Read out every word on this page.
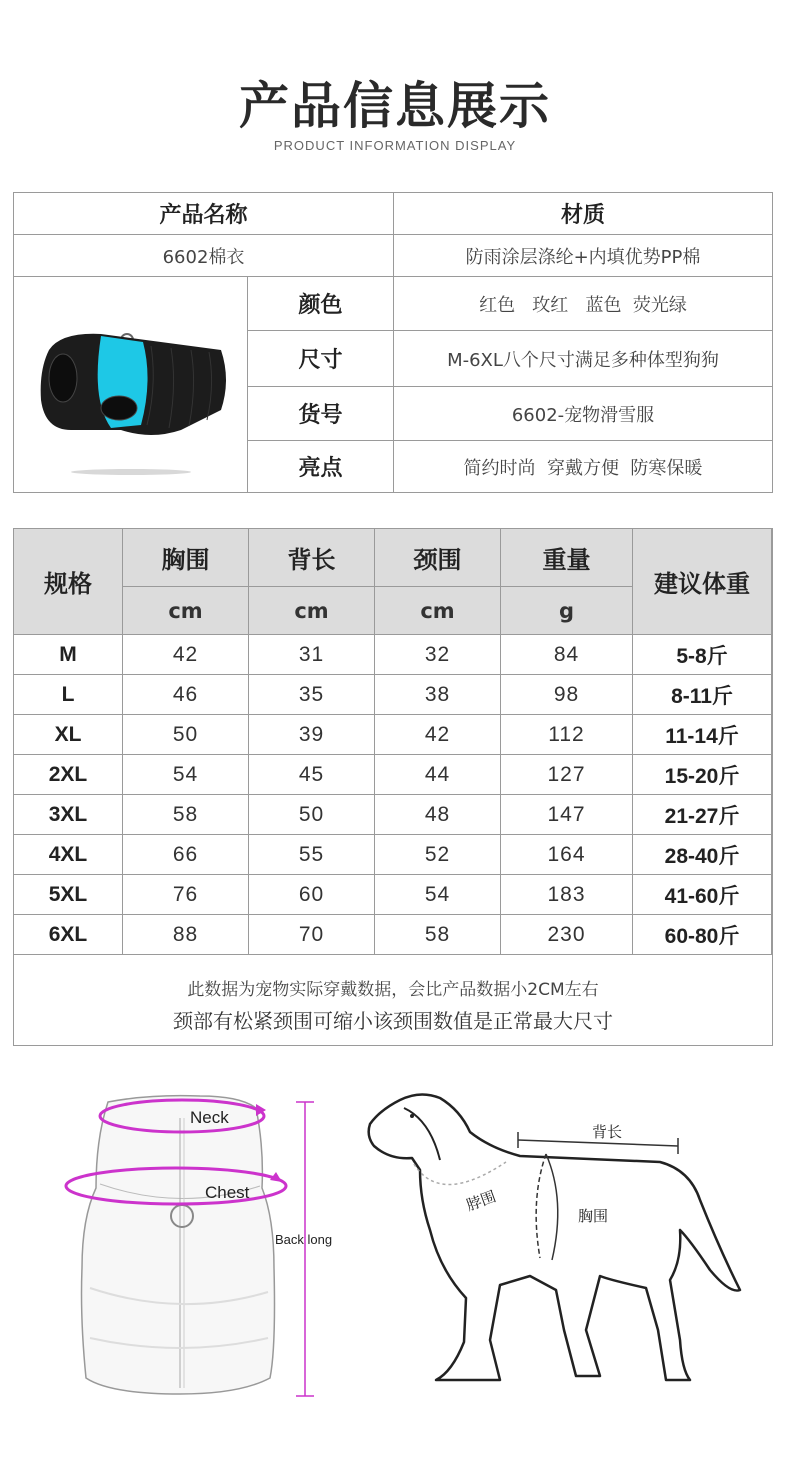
产品信息展示
PRODUCT INFORMATION DISPLAY
产品名称	材质
6602棉衣	防雨涂层涤纶+内填优势PP棉
颜色	红色   玫红   蓝色  荧光绿
尺寸	M-6XL八个尺寸满足多种体型狗狗
货号	6602-宠物滑雪服
亮点	简约时尚  穿戴方便  防寒保暖
规格
胸围	背长	颈围	重量
建议体重
cm	cm	cm	g
M	42	31	32	84	5-8斤
L	46	35	38	98	8-11斤
XL	50	39	42	112	11-14斤
2XL	54	45	44	127	15-20斤
3XL	58	50	48	147	21-27斤
4XL	66	55	52	164	28-40斤
5XL	76	60	54	183	41-60斤
6XL	88	70	58	230	60-80斤
此数据为宠物实际穿戴数据，会比产品数据小2CM左右
颈部有松紧颈围可缩小该颈围数值是正常最大尺寸
Neck
Chest
Back long
背长
脖围
胸围
